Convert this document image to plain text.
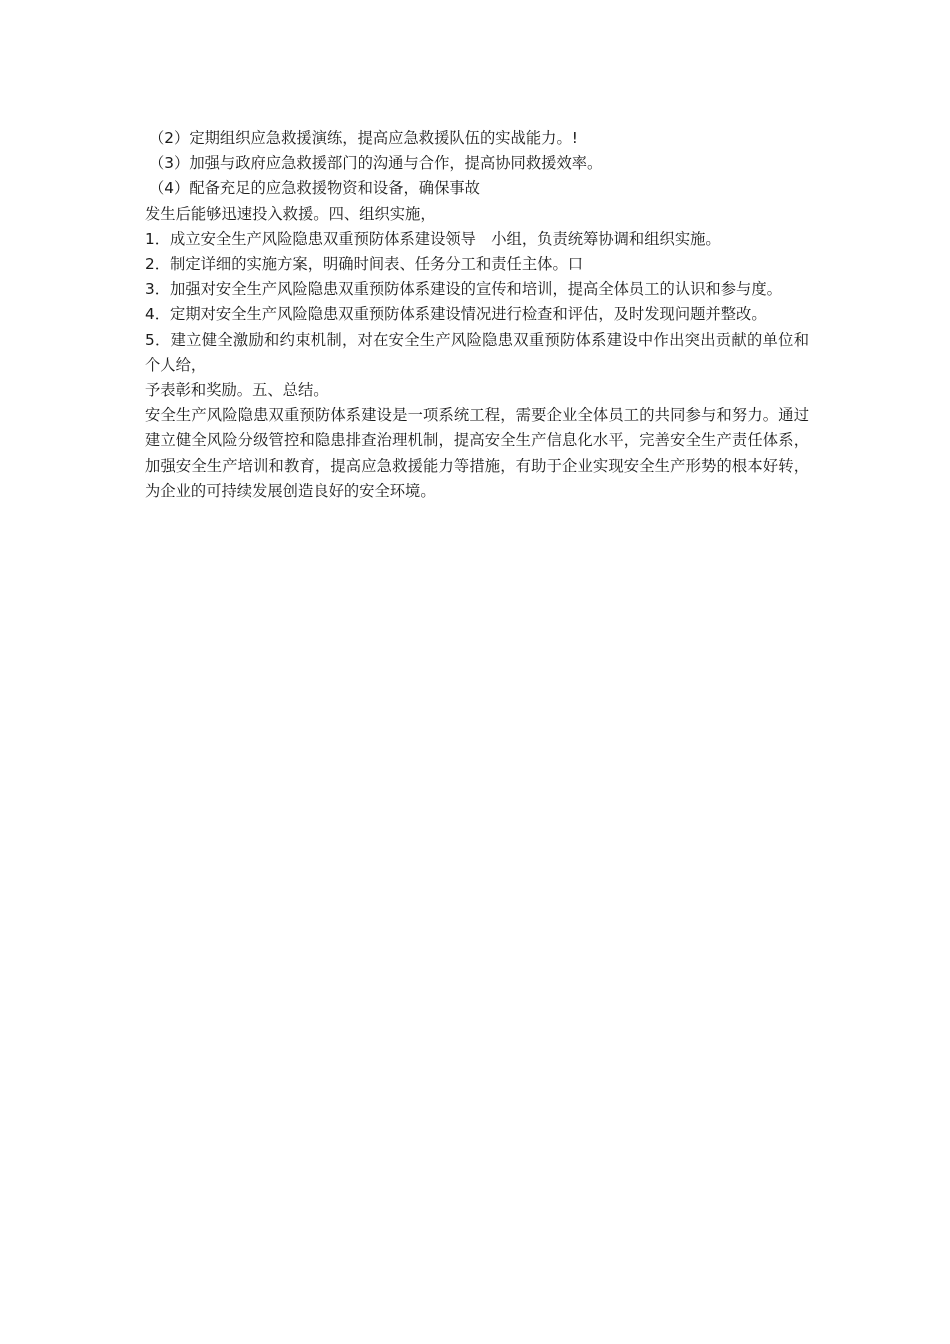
（2）定期组织应急救援演练，提高应急救援队伍的实战能力。!
（3）加强与政府应急救援部门的沟通与合作，提高协同救援效率。
（4）配备充足的应急救援物资和设备，确保事故
发生后能够迅速投入救援。四、组织实施，
1．成立安全生产风险隐患双重预防体系建设领导　小组，负责统筹协调和组织实施。
2．制定详细的实施方案，明确时间表、任务分工和责任主体。口
3．加强对安全生产风险隐患双重预防体系建设的宣传和培训，提高全体员工的认识和参与度。
4．定期对安全生产风险隐患双重预防体系建设情况进行检查和评估，及时发现问题并整改。
5．建立健全激励和约束机制，对在安全生产风险隐患双重预防体系建设中作出突出贡献的单位和个人给，
予表彰和奖励。五、总结。
安全生产风险隐患双重预防体系建设是一项系统工程，需要企业全体员工的共同参与和努力。通过建立健全风险分级管控和隐患排查治理机制，提高安全生产信息化水平，完善安全生产责任体系，加强安全生产培训和教育，提高应急救援能力等措施，有助于企业实现安全生产形势的根本好转，为企业的可持续发展创造良好的安全环境。
